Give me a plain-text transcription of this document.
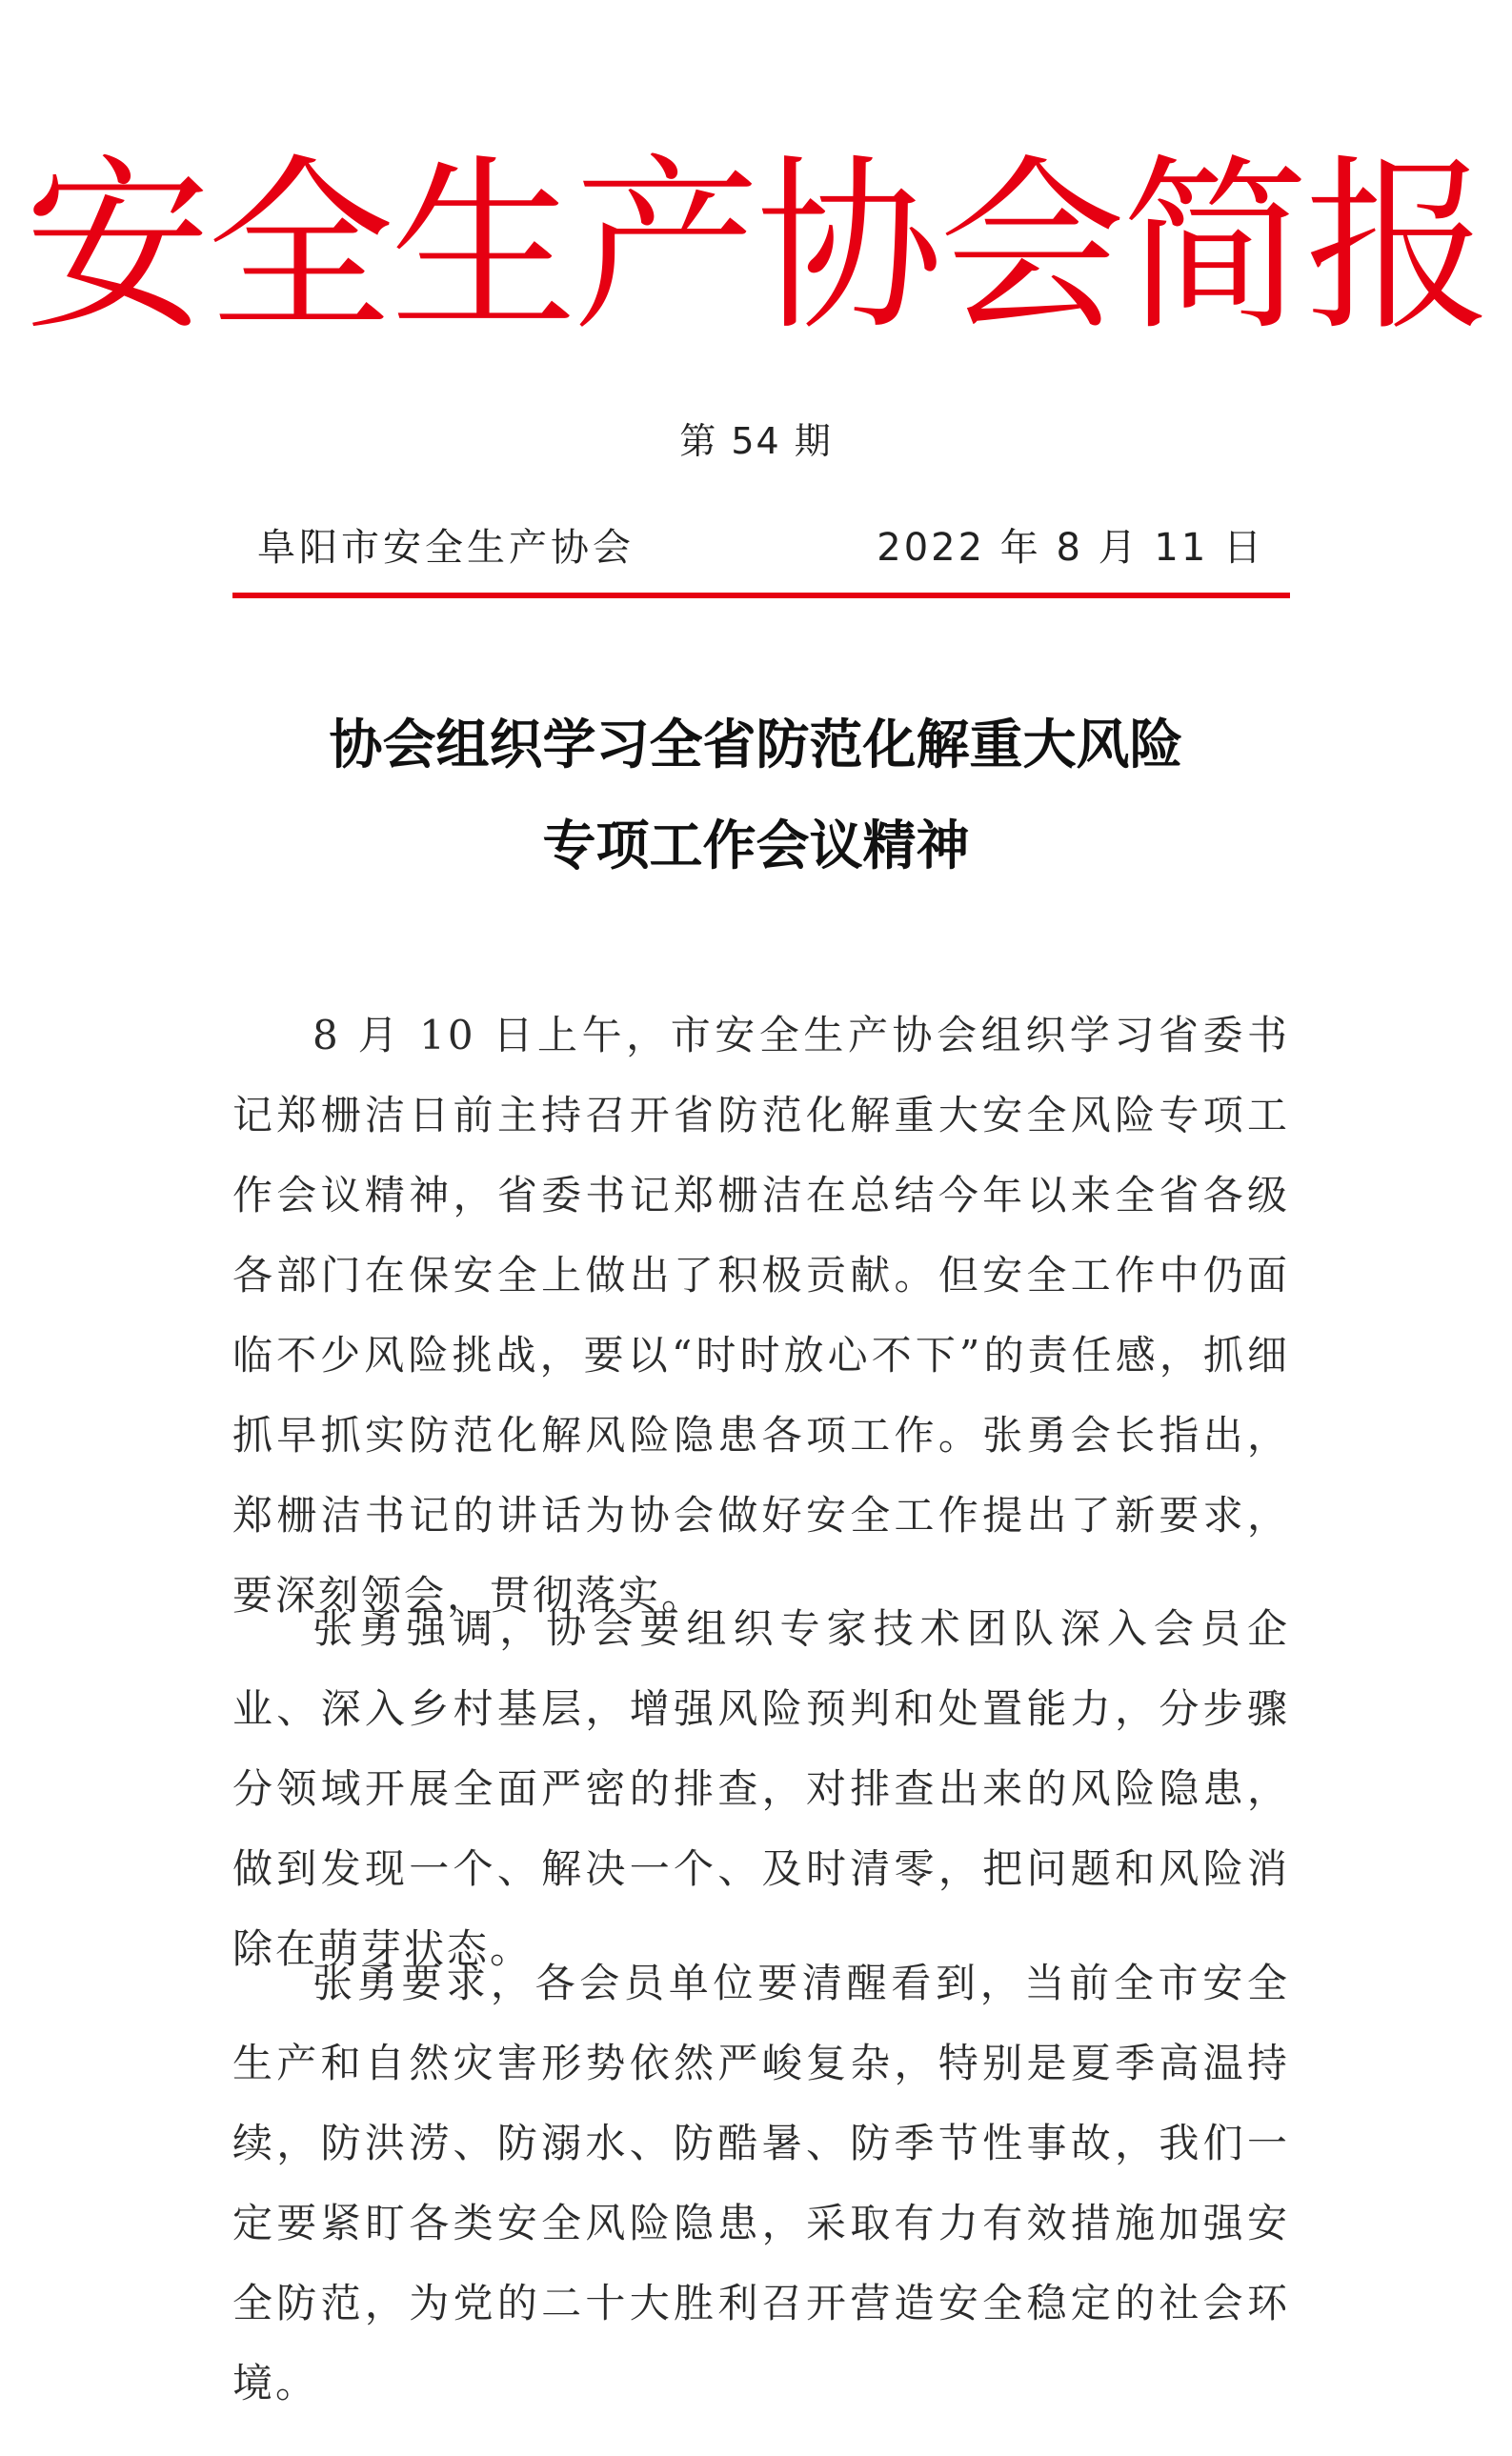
安全生产协会简报
第 54 期
阜阳市安全生产协会	2022 年 8 月 11 日
协会组织学习全省防范化解重大风险
专项工作会议精神

8 月 10 日上午，市安全生产协会组织学习省委书记郑栅洁日前主持召开省防范化解重大安全风险专项工作会议精神，省委书记郑栅洁在总结今年以来全省各级各部门在保安全上做出了积极贡献。但安全工作中仍面临不少风险挑战，要以“时时放心不下”的责任感，抓细抓早抓实防范化解风险隐患各项工作。张勇会长指出，郑栅洁书记的讲话为协会做好安全工作提出了新要求，要深刻领会，贯彻落实。

张勇强调，协会要组织专家技术团队深入会员企业、深入乡村基层，增强风险预判和处置能力，分步骤分领域开展全面严密的排查，对排查出来的风险隐患，做到发现一个、解决一个、及时清零，把问题和风险消除在萌芽状态。

张勇要求，各会员单位要清醒看到，当前全市安全生产和自然灾害形势依然严峻复杂，特别是夏季高温持续，防洪涝、防溺水、防酷暑、防季节性事故，我们一定要紧盯各类安全风险隐患，采取有力有效措施加强安全防范，为党的二十大胜利召开营造安全稳定的社会环境。
